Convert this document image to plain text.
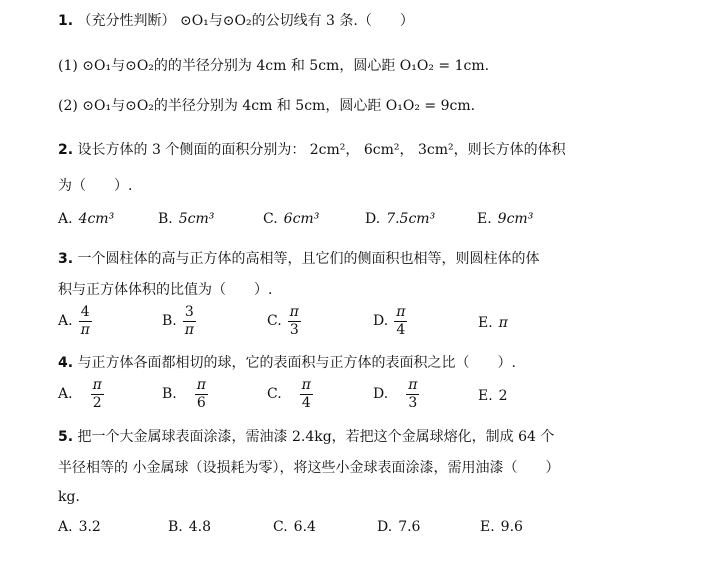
1. （充分性判断） ⊙O₁与⊙O₂的公切线有 3 条.（　　）
(1) ⊙O₁与⊙O₂的的半径分别为 4cm 和 5cm，圆心距 O₁O₂ = 1cm.
(2) ⊙O₁与⊙O₂的半径分别为 4cm 和 5cm，圆心距 O₁O₂ = 9cm.
2. 设长方体的 3 个侧面的面积分别为： 2cm²， 6cm²， 3cm²，则长方体的体积
为（　　）.
A. 4cm³	B. 5cm³	C. 6cm³	D. 7.5cm³	E. 9cm³
3. 一个圆柱体的高与正方体的高相等，且它们的侧面积也相等，则圆柱体的体
积与正方体体积的比值为（　　）.
A. $\frac{4}{\pi}$	B. $\frac{3}{\pi}$	C. $\frac{\pi}{3}$	D. $\frac{\pi}{4}$	E. π
4. 与正方体各面都相切的球，它的表面积与正方体的表面积之比（　　）.
A. $\frac{\pi}{2}$	B. $\frac{\pi}{6}$	C. $\frac{\pi}{4}$	D. $\frac{\pi}{3}$	E. 2
5. 把一个大金属球表面涂漆，需油漆 2.4kg，若把这个金属球熔化，制成 64 个
半径相等的 小金属球（设损耗为零），将这些小金球表面涂漆，需用油漆（　　）
kg.
A. 3.2	B. 4.8	C. 6.4	D. 7.6	E. 9.6
